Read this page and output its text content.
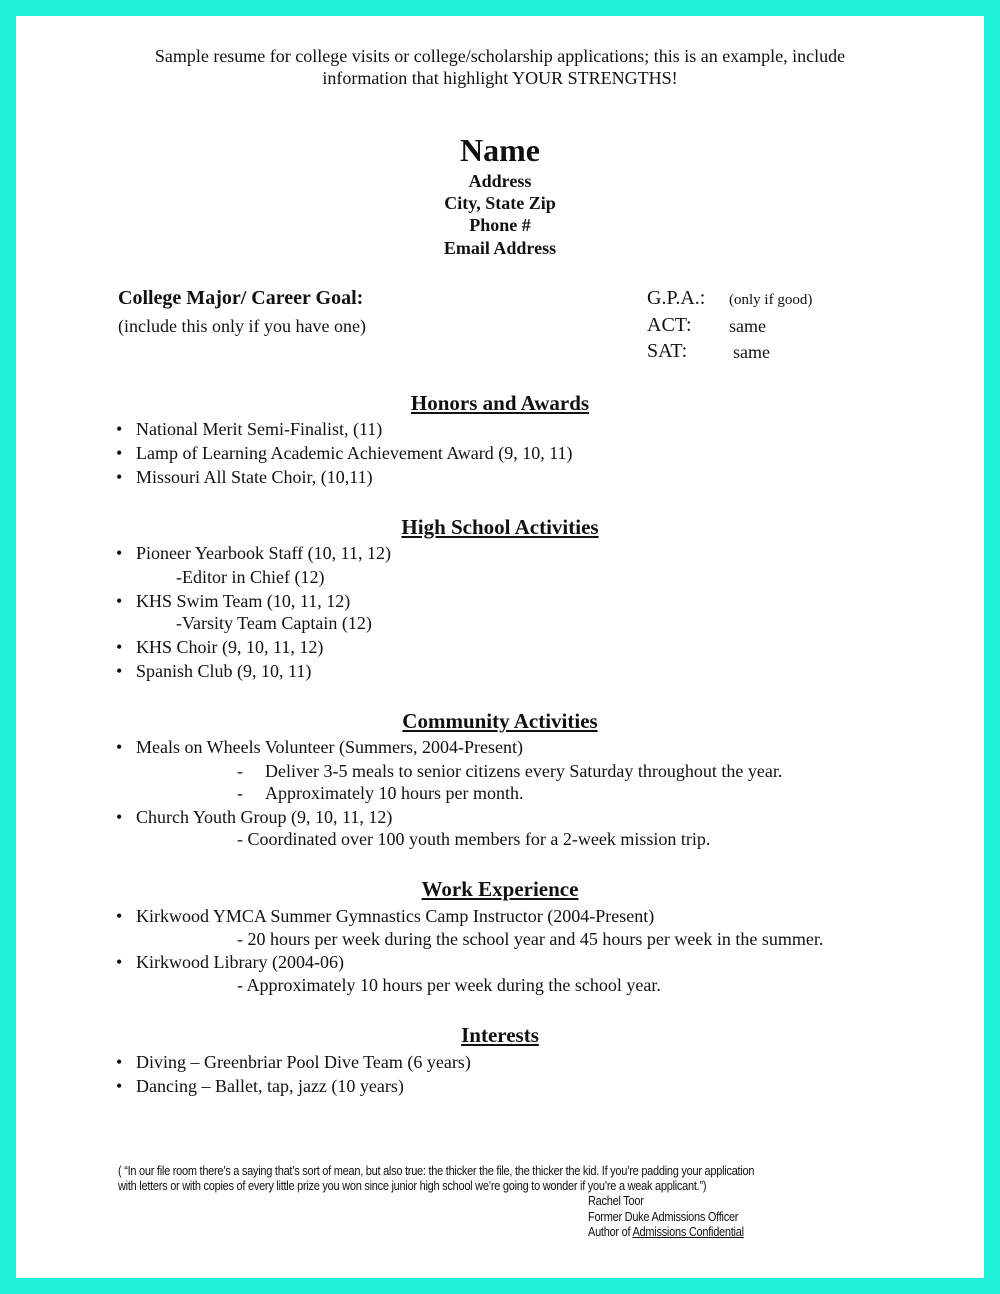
Sample resume for college visits or college/scholarship applications; this is an example, include
information that highlight YOUR STRENGTHS!
Name
Address
City, State Zip
Phone #
Email Address
College Major/ Career Goal:
(include this only if you have one)
G.P.A.: (only if good)
ACT: same
SAT:	same
Honors and Awards
• National Merit Semi-Finalist, (11)
• Lamp of Learning Academic Achievement Award (9, 10, 11)
• Missouri All State Choir, (10,11)
High School Activities
• Pioneer Yearbook Staff (10, 11, 12)
-Editor in Chief (12)
• KHS Swim Team (10, 11, 12)
-Varsity Team Captain (12)
• KHS Choir (9, 10, 11, 12)
• Spanish Club (9, 10, 11)
Community Activities
• Meals on Wheels Volunteer (Summers, 2004-Present)
- Deliver 3-5 meals to senior citizens every Saturday throughout the year.
- Approximately 10 hours per month.
• Church Youth Group (9, 10, 11, 12)
- Coordinated over 100 youth members for a 2-week mission trip.
Work Experience
• Kirkwood YMCA Summer Gymnastics Camp Instructor (2004-Present)
- 20 hours per week during the school year and 45 hours per week in the summer.
• Kirkwood Library (2004-06)
- Approximately 10 hours per week during the school year.
Interests
• Diving – Greenbriar Pool Dive Team (6 years)
• Dancing – Ballet, tap, jazz (10 years)
( “In our file room there’s a saying that’s sort of mean, but also true: the thicker the file, the thicker the kid. If you’re padding your application
with letters or with copies of every little prize you won since junior high school we’re going to wonder if you’re a weak applicant.”)
Rachel Toor
Former Duke Admissions Officer
Author of Admissions Confidential
